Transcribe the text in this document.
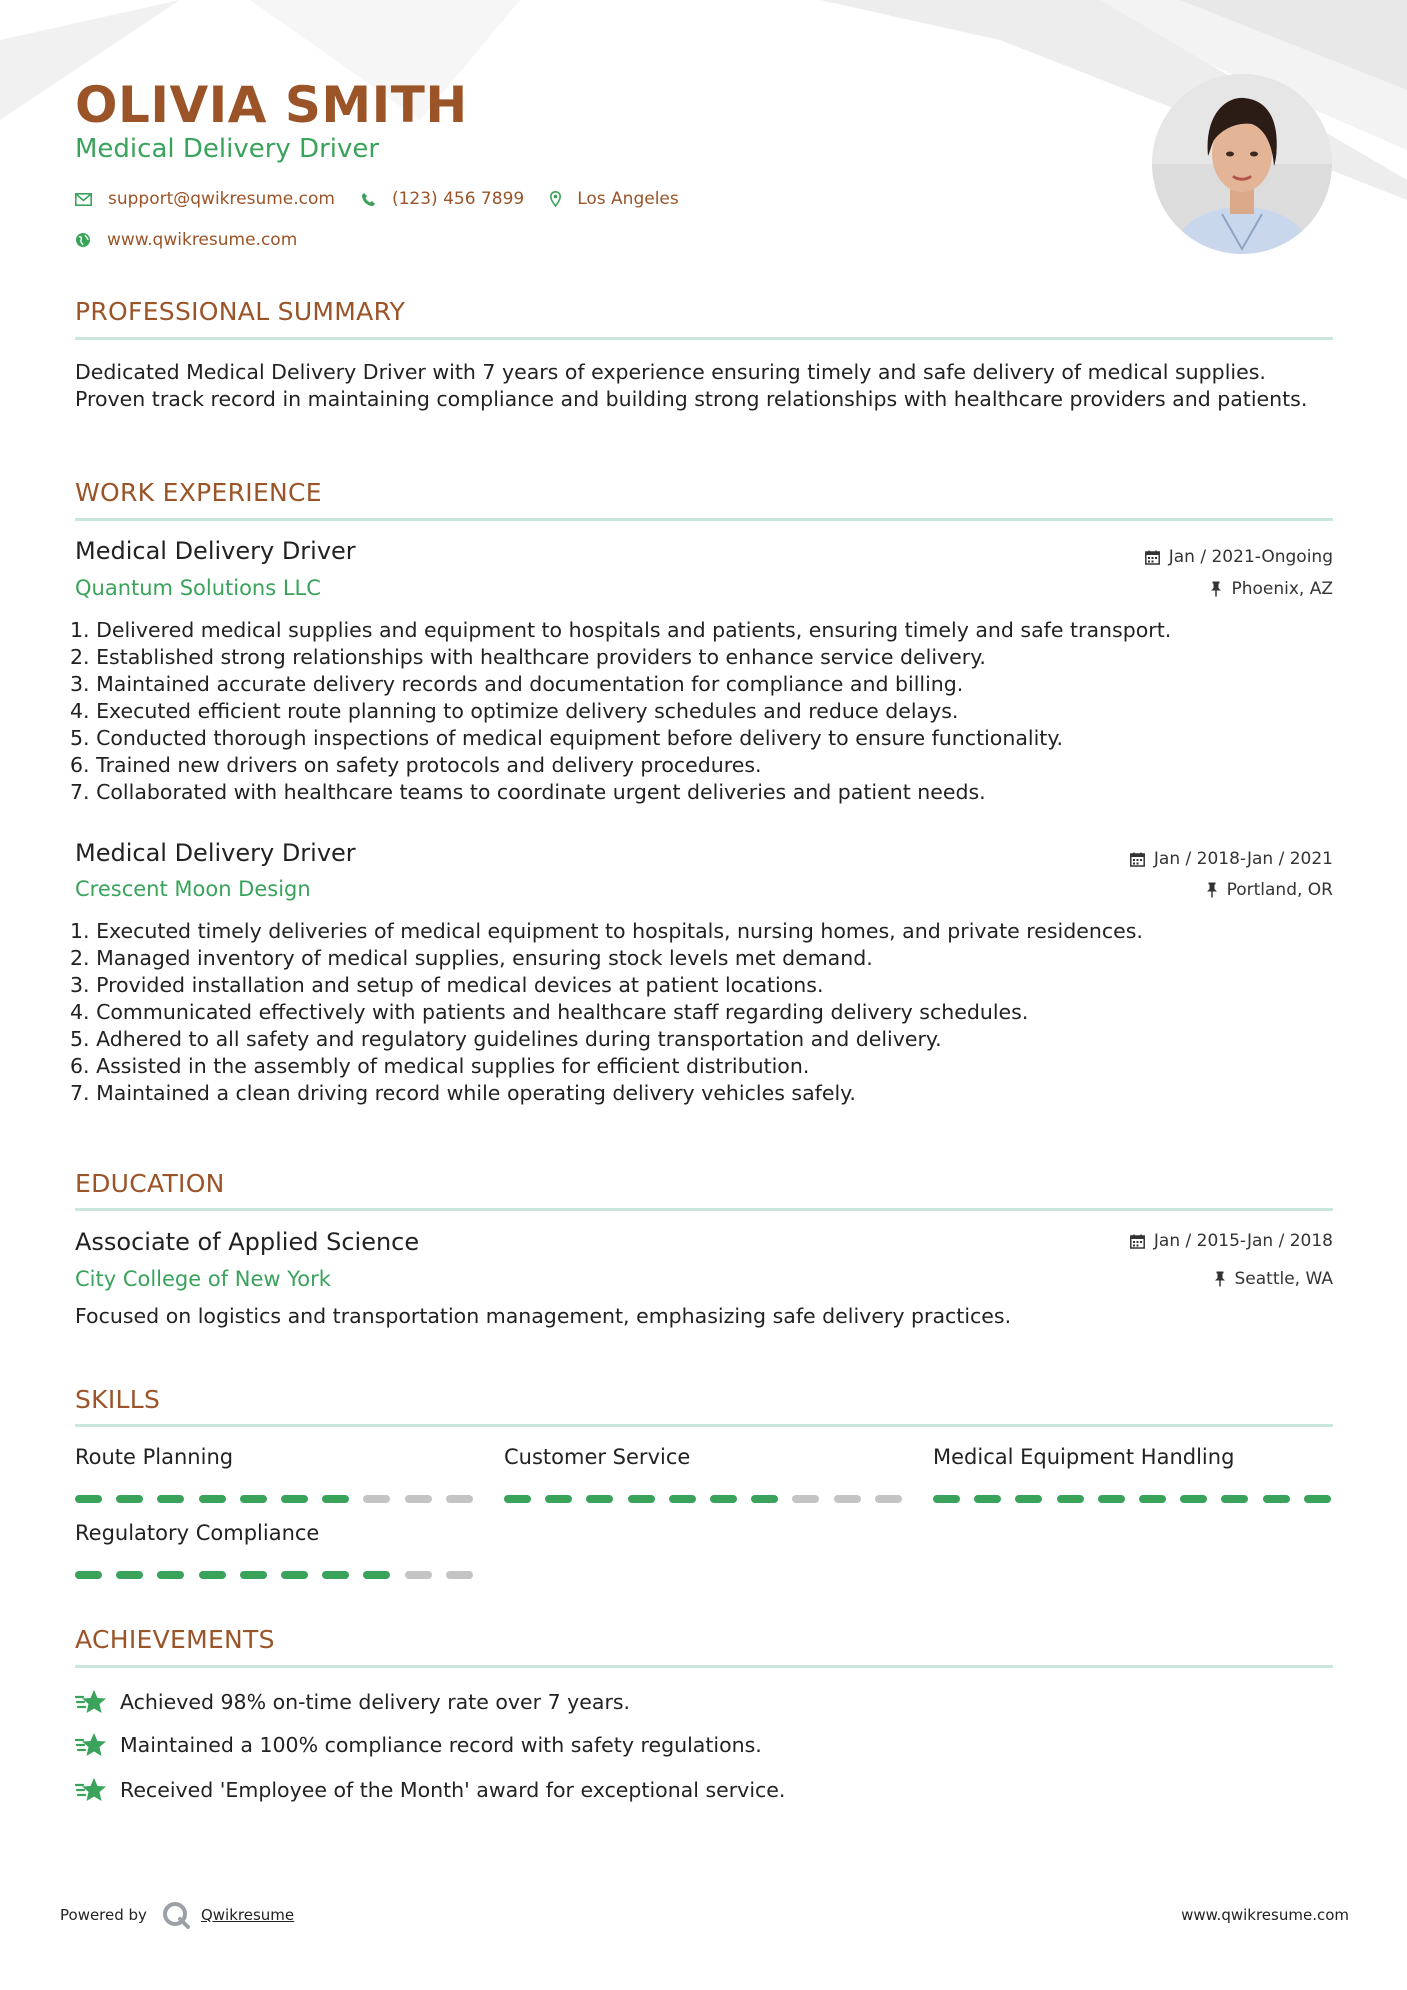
OLIVIA SMITH
Medical Delivery Driver
support@qwikresume.com	(123) 456 7899	Los Angeles
www.qwikresume.com
PROFESSIONAL SUMMARY

Dedicated Medical Delivery Driver with 7 years of experience ensuring timely and safe delivery of medical supplies. Proven track record in maintaining compliance and building strong relationships with healthcare providers and patients.

WORK EXPERIENCE
Medical Delivery Driver
Quantum Solutions LLC
Jan / 2021-Ongoing
Phoenix, AZ
1. Delivered medical supplies and equipment to hospitals and patients, ensuring timely and safe transport.
2. Established strong relationships with healthcare providers to enhance service delivery.
3. Maintained accurate delivery records and documentation for compliance and billing.
4. Executed efficient route planning to optimize delivery schedules and reduce delays.
5. Conducted thorough inspections of medical equipment before delivery to ensure functionality.
6. Trained new drivers on safety protocols and delivery procedures.
7. Collaborated with healthcare teams to coordinate urgent deliveries and patient needs.
Medical Delivery Driver
Crescent Moon Design
Jan / 2018-Jan / 2021
Portland, OR
1. Executed timely deliveries of medical equipment to hospitals, nursing homes, and private residences.
2. Managed inventory of medical supplies, ensuring stock levels met demand.
3. Provided installation and setup of medical devices at patient locations.
4. Communicated effectively with patients and healthcare staff regarding delivery schedules.
5. Adhered to all safety and regulatory guidelines during transportation and delivery.
6. Assisted in the assembly of medical supplies for efficient distribution.
7. Maintained a clean driving record while operating delivery vehicles safely.
EDUCATION
Associate of Applied Science
City College of New York
Jan / 2015-Jan / 2018
Seattle, WA

Focused on logistics and transportation management, emphasizing safe delivery practices.

SKILLS
Route Planning	Customer Service	Medical Equipment Handling
Regulatory Compliance
ACHIEVEMENTS
Achieved 98% on-time delivery rate over 7 years.
Maintained a 100% compliance record with safety regulations.
Received 'Employee of the Month' award for exceptional service.
Powered by	Qwikresume	www.qwikresume.com
